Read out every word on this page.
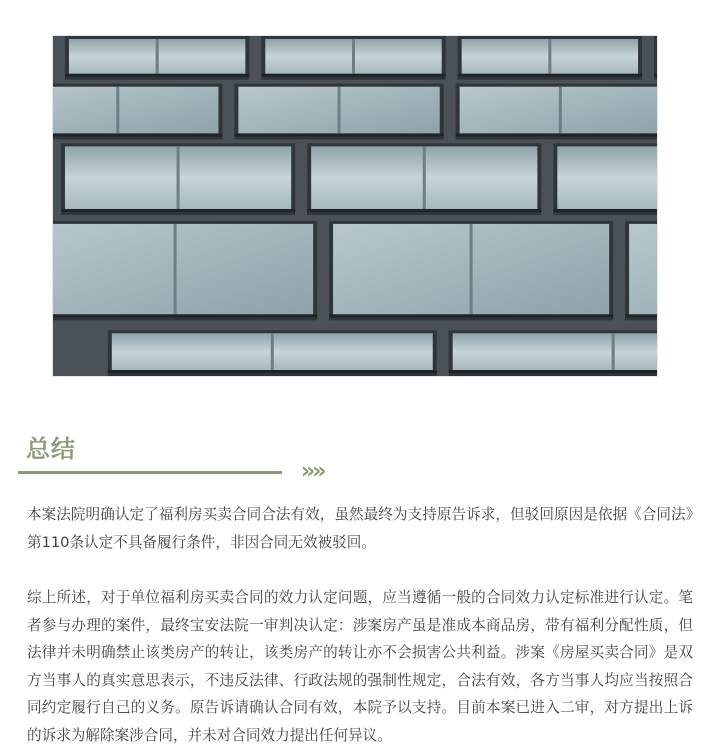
总结
»»

本案法院明确认定了福利房买卖合同合法有效，虽然最终为支持原告诉求，但驳回原因是依据《合同法》第110条认定不具备履行条件，非因合同无效被驳回。

综上所述，对于单位福利房买卖合同的效力认定问题，应当遵循一般的合同效力认定标准进行认定。笔者参与办理的案件，最终宝安法院一审判决认定：涉案房产虽是准成本商品房，带有福利分配性质，但法律并未明确禁止该类房产的转让，该类房产的转让亦不会损害公共利益。涉案《房屋买卖合同》是双方当事人的真实意思表示，不违反法律、行政法规的强制性规定，合法有效，各方当事人均应当按照合同约定履行自己的义务。原告诉请确认合同有效，本院予以支持。目前本案已进入二审，对方提出上诉的诉求为解除案涉合同，并未对合同效力提出任何异议。
